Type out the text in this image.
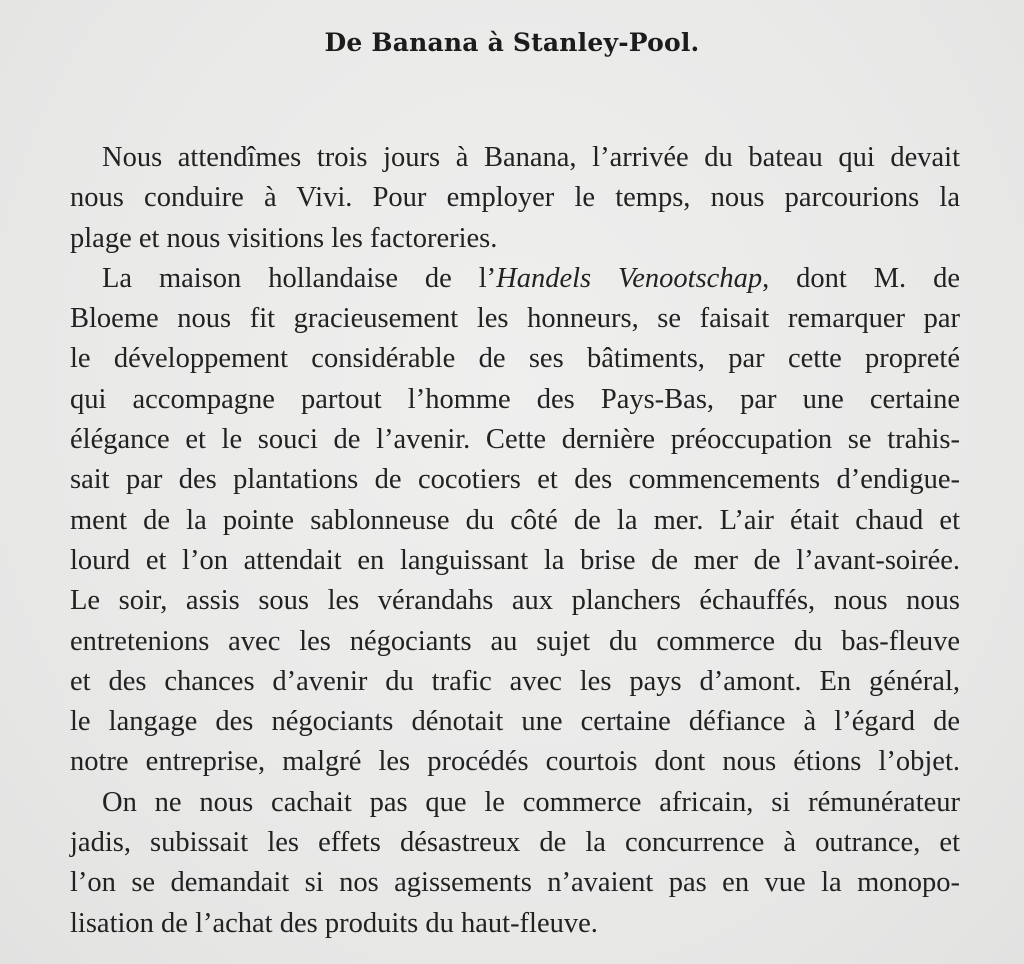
De Banana à Stanley-Pool.
Nous attendîmes trois jours à Banana, l’arrivée du bateau qui devait
nous conduire à Vivi. Pour employer le temps, nous parcourions la
plage et nous visitions les factoreries.
La maison hollandaise de l’Handels Venootschap, dont M. de
Bloeme nous fit gracieusement les honneurs, se faisait remarquer par
le développement considérable de ses bâtiments, par cette propreté
qui accompagne partout l’homme des Pays-Bas, par une certaine
élégance et le souci de l’avenir. Cette dernière préoccupation se trahis-
sait par des plantations de cocotiers et des commencements d’endigue-
ment de la pointe sablonneuse du côté de la mer. L’air était chaud et
lourd et l’on attendait en languissant la brise de mer de l’avant-soirée.
Le soir, assis sous les vérandahs aux planchers échauffés, nous nous
entretenions avec les négociants au sujet du commerce du bas-fleuve
et des chances d’avenir du trafic avec les pays d’amont. En général,
le langage des négociants dénotait une certaine défiance à l’égard de
notre entreprise, malgré les procédés courtois dont nous étions l’objet.
On ne nous cachait pas que le commerce africain, si rémunérateur
jadis, subissait les effets désastreux de la concurrence à outrance, et
l’on se demandait si nos agissements n’avaient pas en vue la monopo-
lisation de l’achat des produits du haut-fleuve.
